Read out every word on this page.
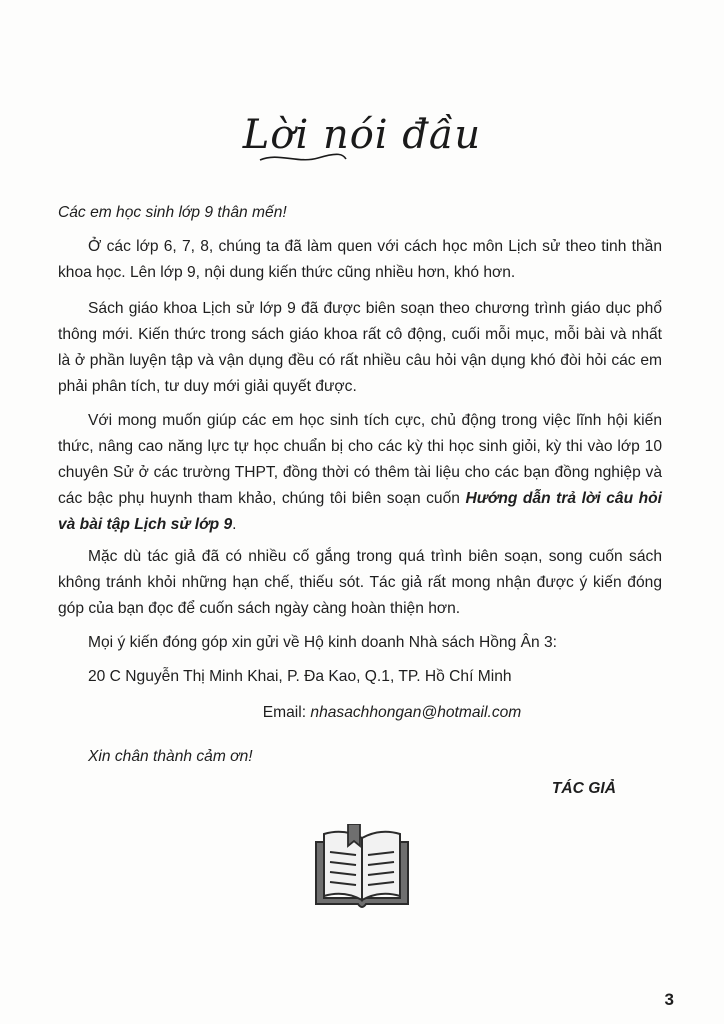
Lời nói đầu
Các em học sinh lớp 9 thân mến!
Ở các lớp 6, 7, 8, chúng ta đã làm quen với cách học môn Lịch sử theo tinh thần khoa học. Lên lớp 9, nội dung kiến thức cũng nhiều hơn, khó hơn.
Sách giáo khoa Lịch sử lớp 9 đã được biên soạn theo chương trình giáo dục phổ thông mới. Kiến thức trong sách giáo khoa rất cô động, cuối mỗi mục, mỗi bài và nhất là ở phần luyện tập và vận dụng đều có rất nhiều câu hỏi vận dụng khó đòi hỏi các em phải phân tích, tư duy mới giải quyết được.
Với mong muốn giúp các em học sinh tích cực, chủ động trong việc lĩnh hội kiến thức, nâng cao năng lực tự học chuẩn bị cho các kỳ thi học sinh giỏi, kỳ thi vào lớp 10 chuyên Sử ở các trường THPT, đồng thời có thêm tài liệu cho các bạn đồng nghiệp và các bậc phụ huynh tham khảo, chúng tôi biên soạn cuốn Hướng dẫn trả lời câu hỏi và bài tập Lịch sử lớp 9.
Mặc dù tác giả đã có nhiều cố gắng trong quá trình biên soạn, song cuốn sách không tránh khỏi những hạn chế, thiếu sót. Tác giả rất mong nhận được ý kiến đóng góp của bạn đọc để cuốn sách ngày càng hoàn thiện hơn.
Mọi ý kiến đóng góp xin gửi về Hộ kinh doanh Nhà sách Hồng Ân 3:
20 C Nguyễn Thị Minh Khai, P. Đa Kao, Q.1, TP. Hồ Chí Minh
Email: nhasachhongan@hotmail.com
Xin chân thành cảm ơn!
TÁC GIẢ
3
